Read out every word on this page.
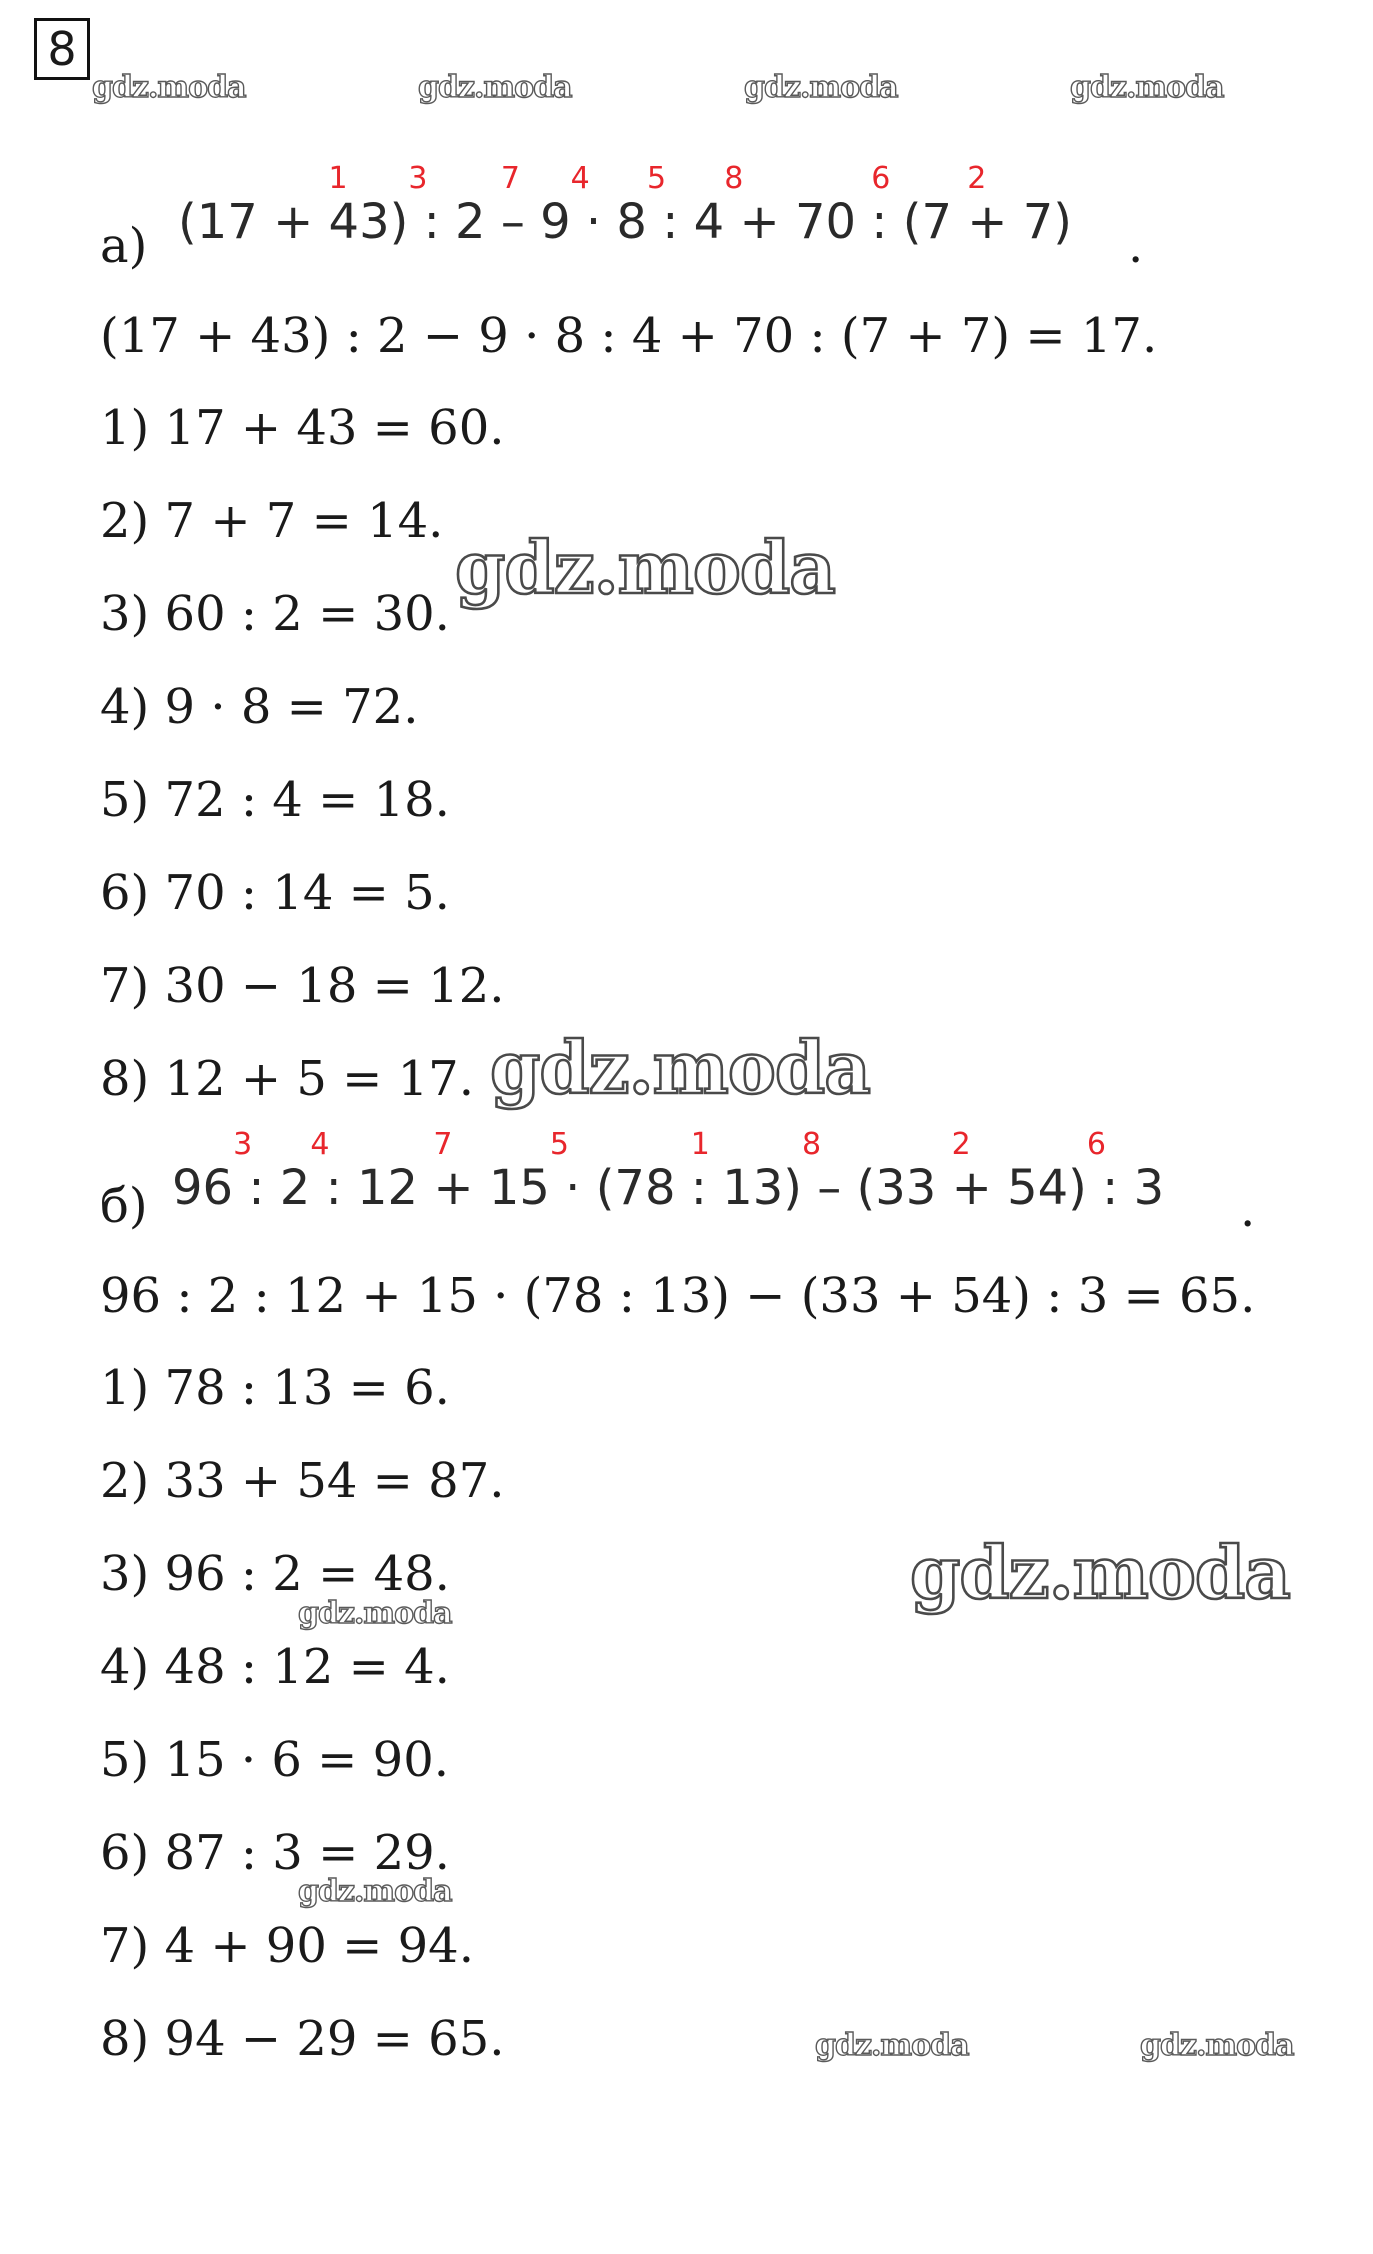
8
gdz.moda	gdz.moda	gdz.moda	gdz.moda
gdz.moda
gdz.moda
gdz.moda
gdz.moda
gdz.moda
gdz.moda	gdz.moda
а) (17 + 43)
1
:
3
2 – 9
7
·
4
8 :
5
4 +
8
70 :
6
(7 +
2
7) .
(17 + 43) : 2 − 9 · 8 : 4 + 70 : (7 + 7) = 17.
1) 17 + 43 = 60.
2) 7 + 7 = 14.
3) 60 : 2 = 30.
4) 9 · 8 = 72.
5) 72 : 4 = 18.
6) 70 : 14 = 5.
7) 30 − 18 = 12.
8) 12 + 5 = 17.
б) 96 :
3
2 :
4
12 +
7
15 ·
5
(78 :
1
13) –
8
(33 +
2
54) :
6
3 .
96 : 2 : 12 + 15 · (78 : 13) − (33 + 54) : 3 = 65.
1) 78 : 13 = 6.
2) 33 + 54 = 87.
3) 96 : 2 = 48.
4) 48 : 12 = 4.
5) 15 · 6 = 90.
6) 87 : 3 = 29.
7) 4 + 90 = 94.
8) 94 − 29 = 65.
